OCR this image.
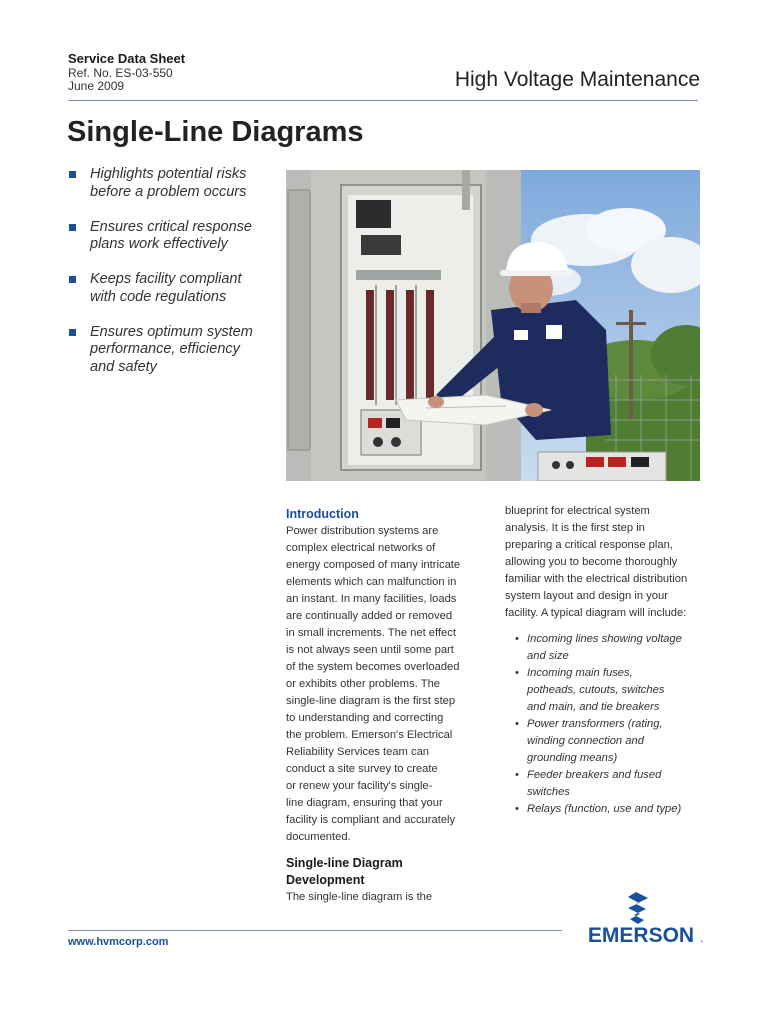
Service Data Sheet
Ref. No. ES-03-550
June 2009	High Voltage Maintenance
Single-Line Diagrams
Highlights potential risks
before a problem occurs
Ensures critical response
plans work effectively
Keeps facility compliant
with code regulations
Ensures optimum system
performance, efficiency
and safety
Introduction
Power distribution systems are
complex electrical networks of
energy composed of many intricate
elements which can malfunction in
an instant. In many facilities, loads
are continually added or removed
in small increments. The net effect
is not always seen until some part
of the system becomes overloaded
or exhibits other problems. The
single-line diagram is the first step
to understanding and correcting
the problem. Emerson's Electrical
Reliability Services team can
conduct a site survey to create
or renew your facility's single-
line diagram, ensuring that your
facility is compliant and accurately
documented.
Single-line Diagram
Development
The single-line diagram is the
blueprint for electrical system
analysis. It is the first step in
preparing a critical response plan,
allowing you to become thoroughly
familiar with the electrical distribution
system layout and design in your
facility. A typical diagram will include:
• Incoming lines showing voltage
and size
• Incoming main fuses,
potheads, cutouts, switches
and main, and tie breakers
• Power transformers (rating,
winding connection and
grounding means)
• Feeder breakers and fused
switches
• Relays (function, use and type)
www.hvmcorp.com	EMERSON .
